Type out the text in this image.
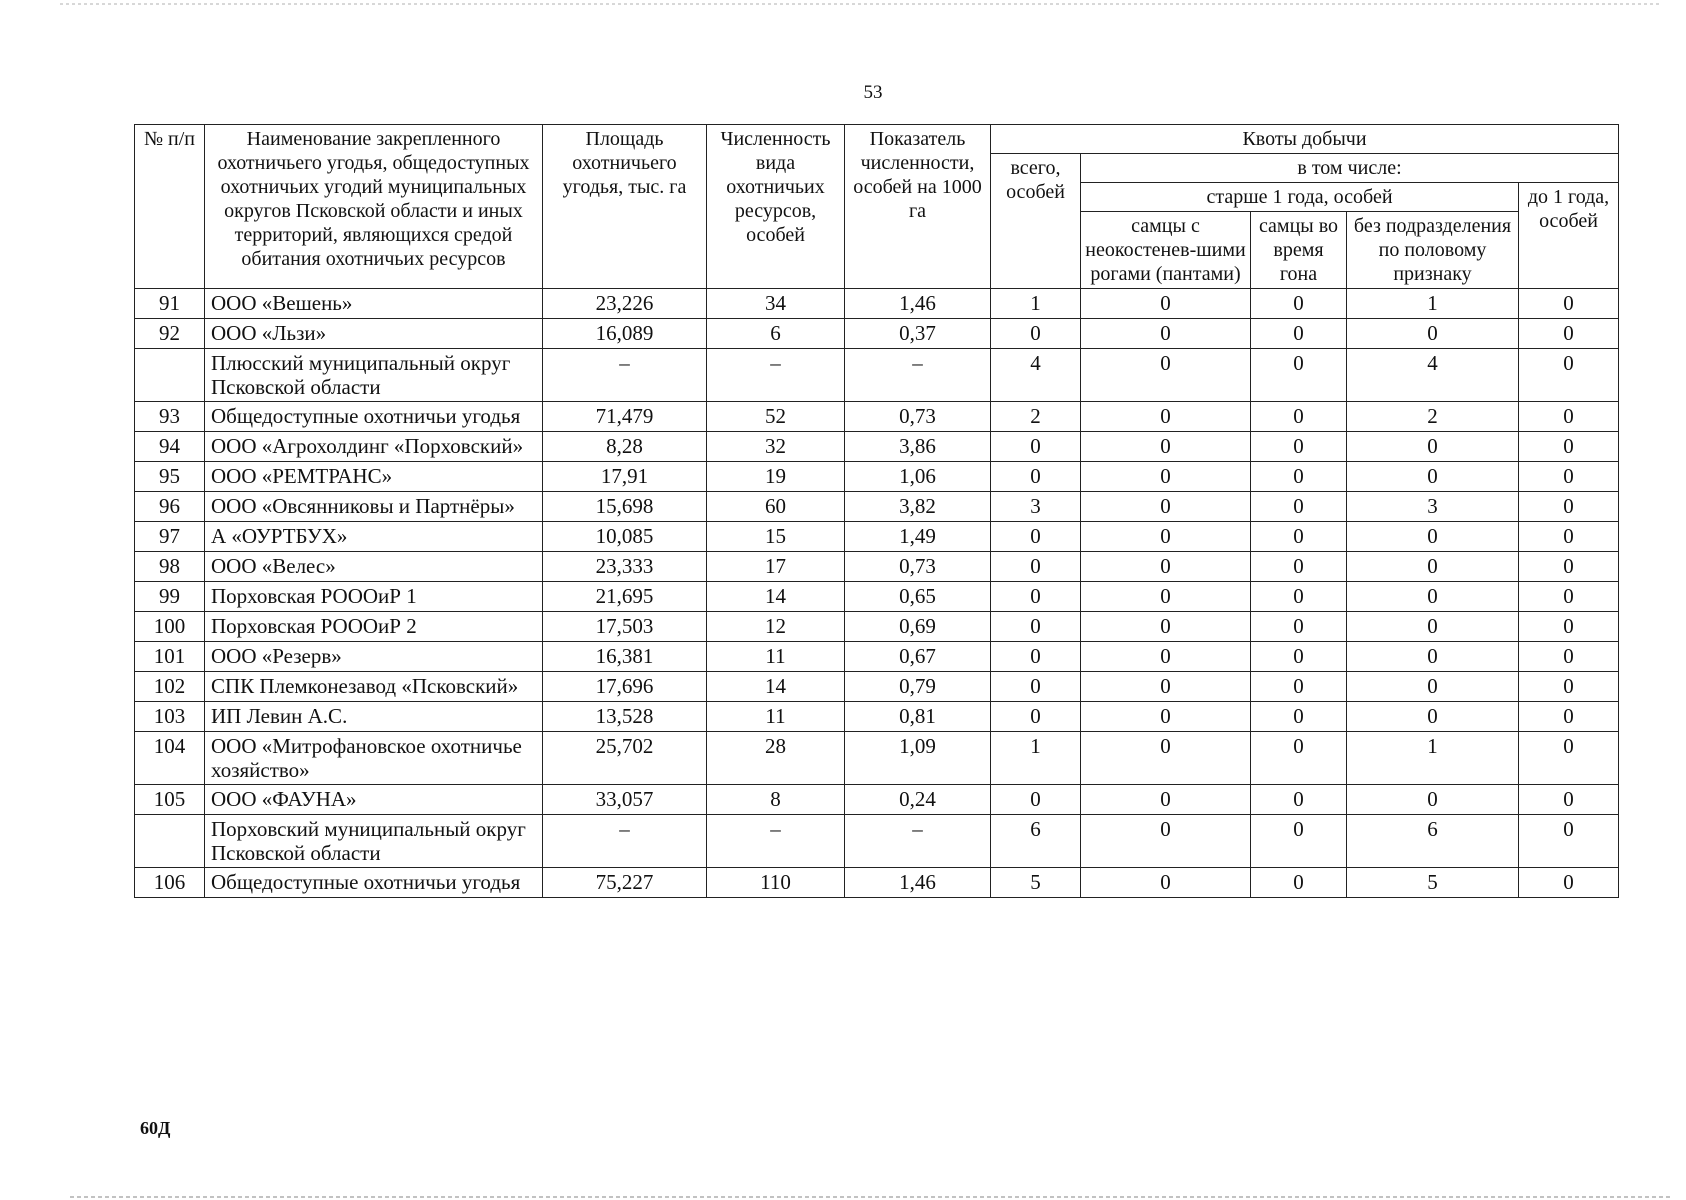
53
№ п/п	Наименование закрепленного охотничьего угодья, общедоступных охотничьих угодий муниципальных округов Псковской области и иных территорий, являющихся средой обитания охотничьих ресурсов	Площадь охотничьего угодья, тыс. га	Численность вида охотничьих ресурсов, особей	Показатель численности, особей на 1000 га	Квоты добычи				
					всего, особей	в том числе:			
						старше 1 года, особей			до 1 года, особей
						самцы с неокостенев-шими рогами (пантами)	самцы во время гона	без подразделения по половому признаку	
91	ООО «Вешень»	23,226	34	1,46	1	0	0	1	0
92	ООО «Льзи»	16,089	6	0,37	0	0	0	0	0
	Плюсский муниципальный округ Псковской области	–	–	–	4	0	0	4	0
93	Общедоступные охотничьи угодья	71,479	52	0,73	2	0	0	2	0
94	ООО «Агрохолдинг «Порховский»	8,28	32	3,86	0	0	0	0	0
95	ООО «РЕМТРАНС»	17,91	19	1,06	0	0	0	0	0
96	ООО «Овсянниковы и Партнёры»	15,698	60	3,82	3	0	0	3	0
97	А «ОУРТБУХ»	10,085	15	1,49	0	0	0	0	0
98	ООО «Велес»	23,333	17	0,73	0	0	0	0	0
99	Порховская РОООиР 1	21,695	14	0,65	0	0	0	0	0
100	Порховская РОООиР 2	17,503	12	0,69	0	0	0	0	0
101	ООО «Резерв»	16,381	11	0,67	0	0	0	0	0
102	СПК Племконезавод «Псковский»	17,696	14	0,79	0	0	0	0	0
103	ИП Левин А.С.	13,528	11	0,81	0	0	0	0	0
104	ООО «Митрофановское охотничье хозяйство»	25,702	28	1,09	1	0	0	1	0
105	ООО «ФАУНА»	33,057	8	0,24	0	0	0	0	0
	Порховский муниципальный округ Псковской области	–	–	–	6	0	0	6	0
106	Общедоступные охотничьи угодья	75,227	110	1,46	5	0	0	5	0
60Д
